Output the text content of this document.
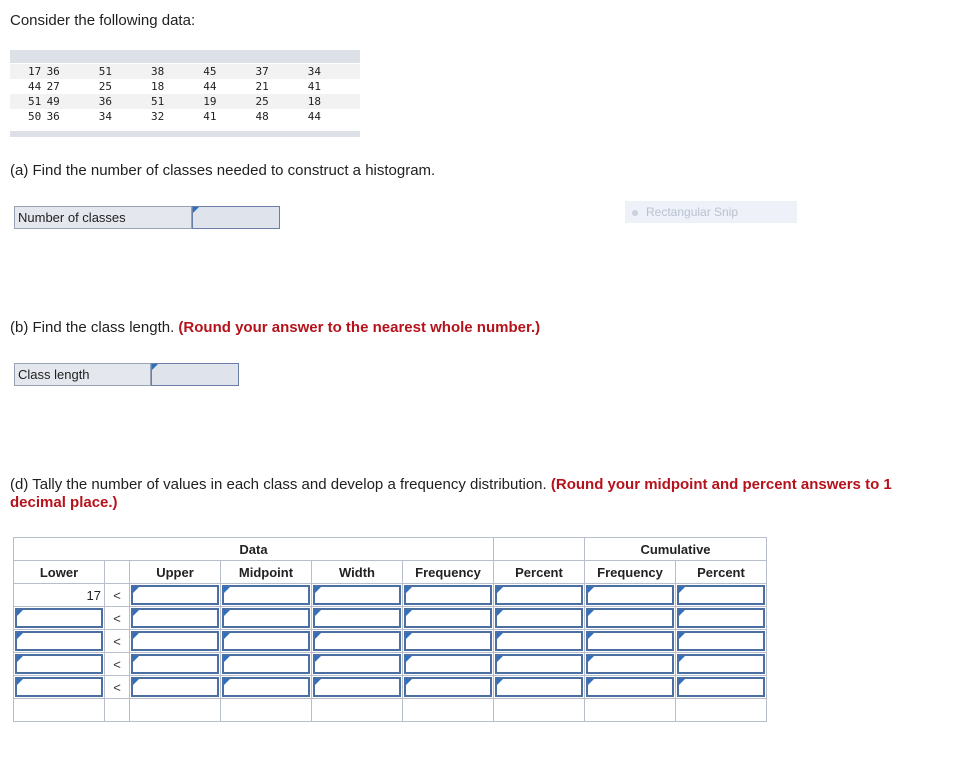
Consider the following data:
17	36	51	38	45	37	34
44	27	25	18	44	21	41
51	49	36	51	19	25	18
50	36	34	32	41	48	44
(a) Find the number of classes needed to construct a histogram.
Number of classes	Rectangular Snip
(b) Find the class length. (Round your answer to the nearest whole number.)
Class length
(d) Tally the number of values in each class and develop a frequency distribution. (Round your midpoint and percent answers to 1
decimal place.)
Data							Cumulative	
Lower		Upper	Midpoint	Width	Frequency	Percent	Frequency	Percent
17	<	

	<	

	<	

	<	

	<	
